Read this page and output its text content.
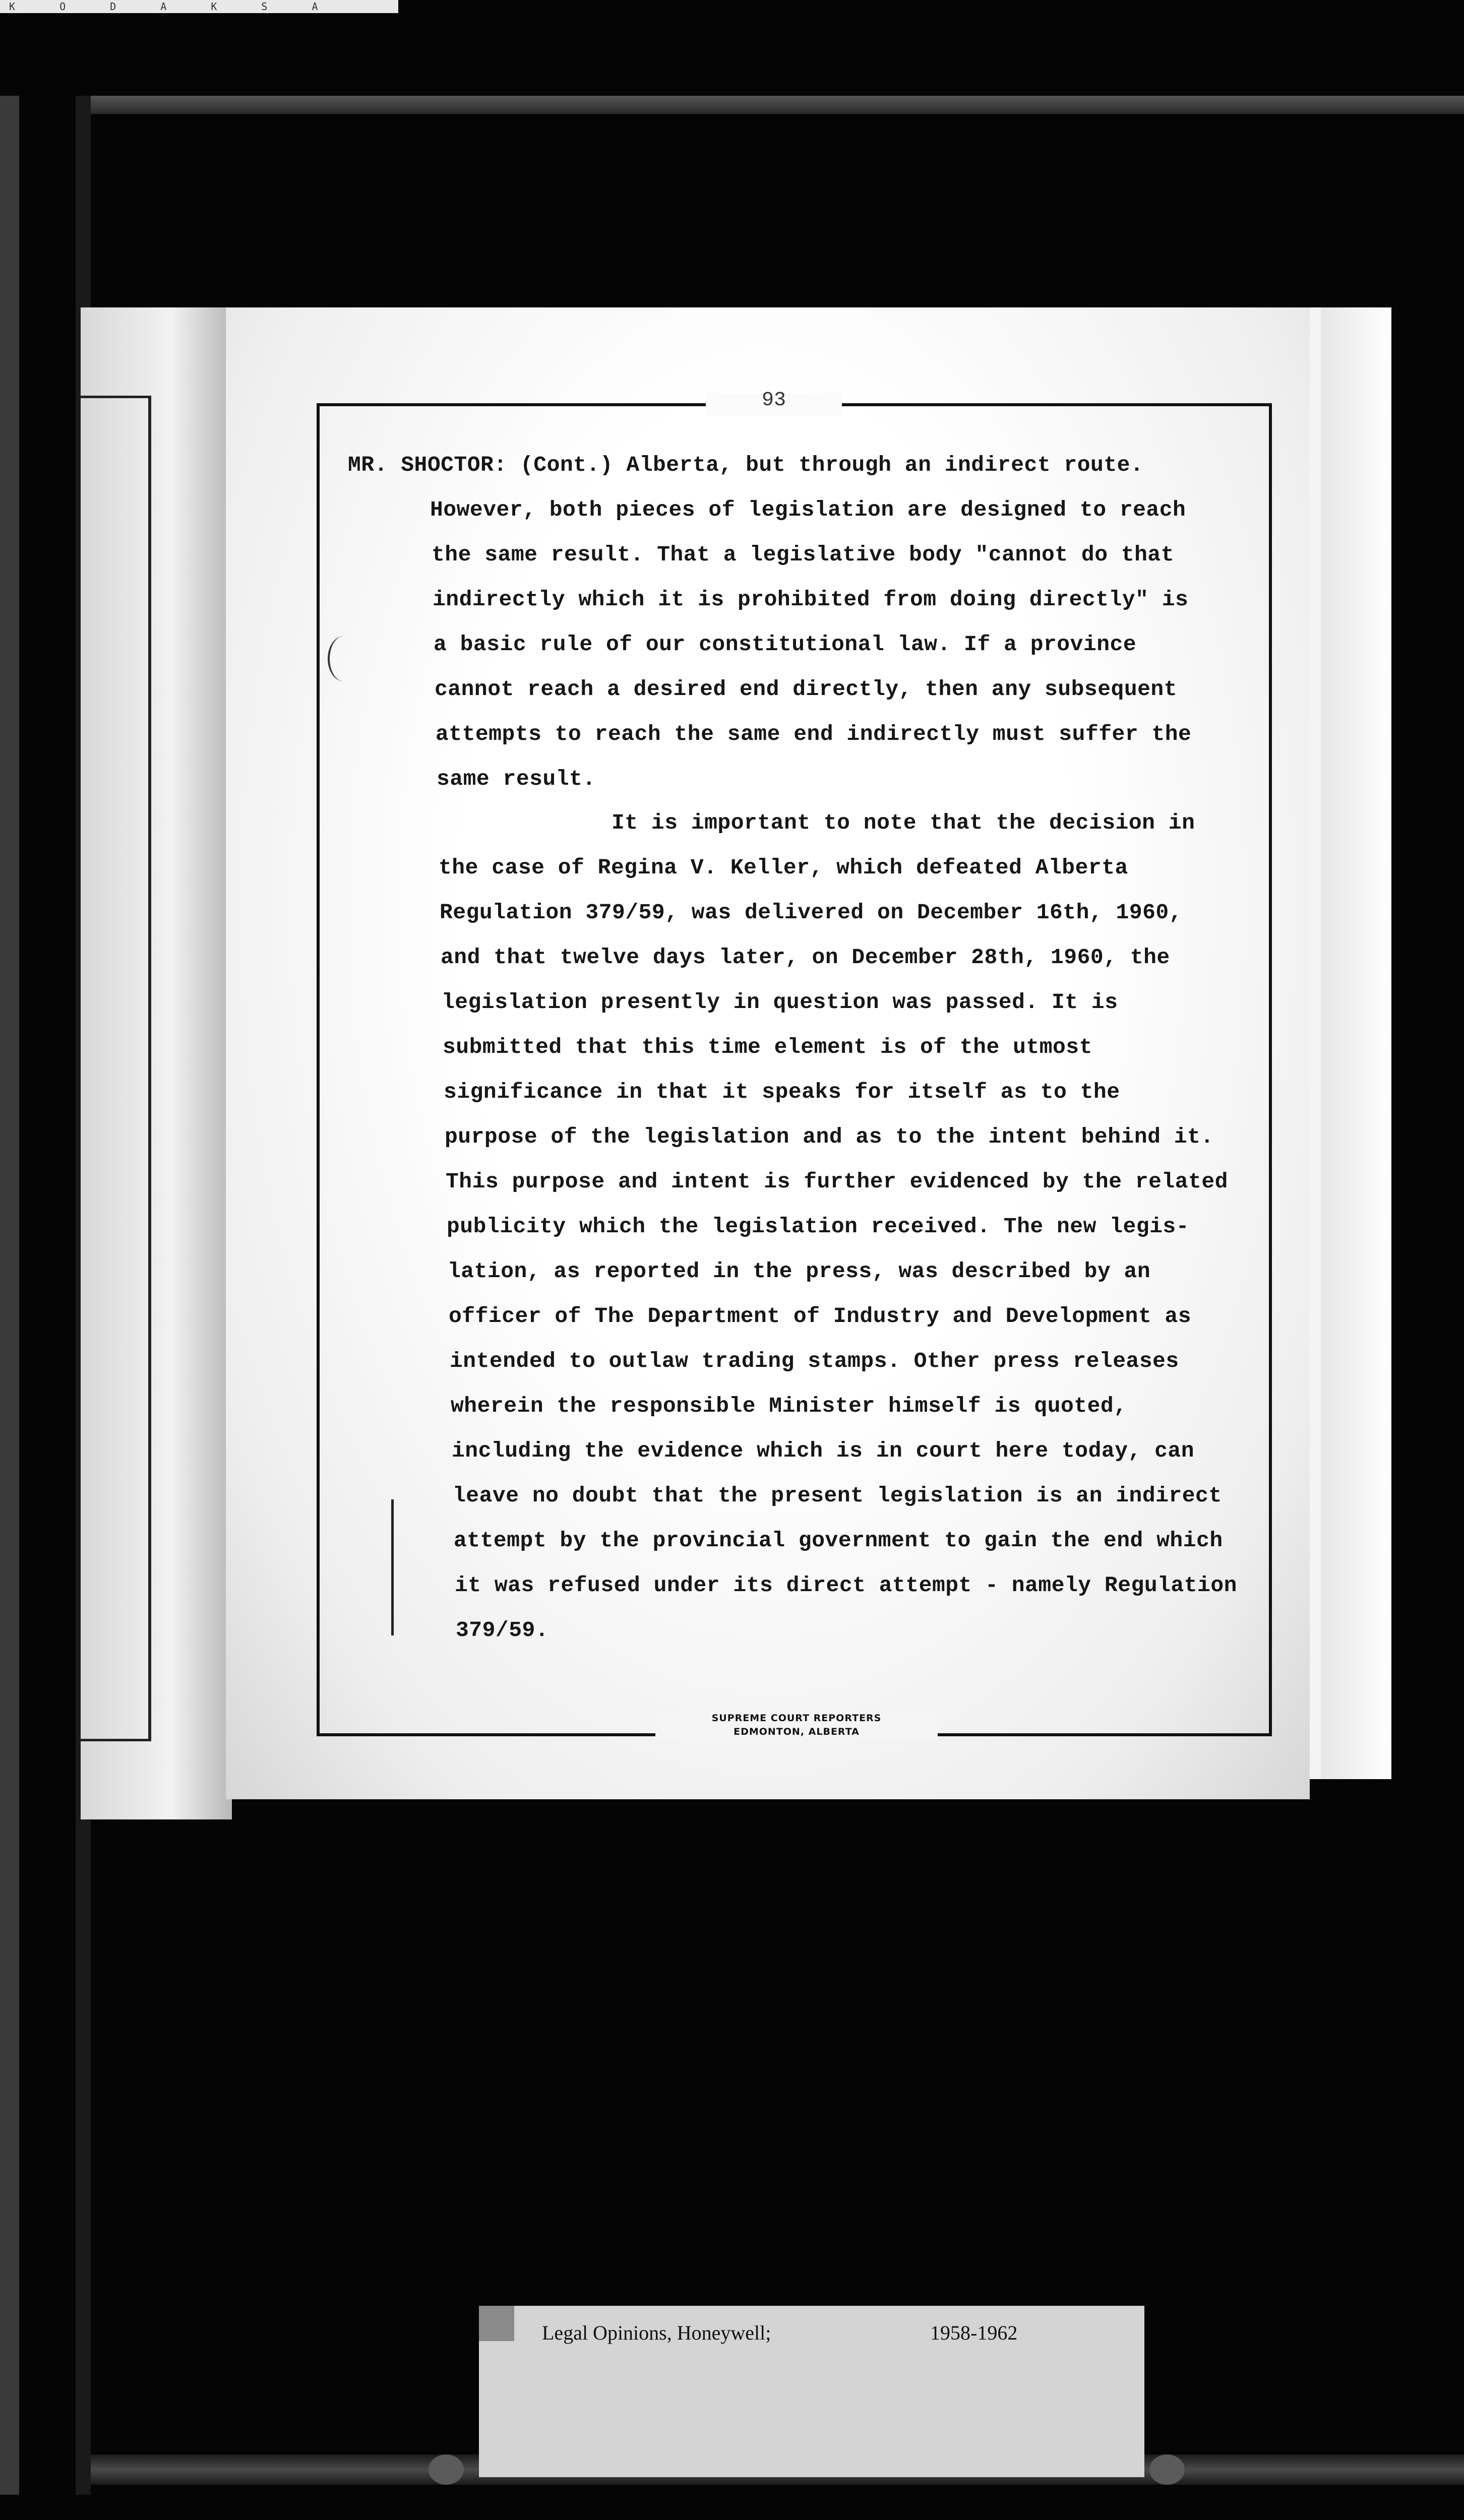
K O D A K S A
93
MR. SHOCTOR: (Cont.) Alberta, but through an indirect route.
However, both pieces of legislation are designed to reach
the same result. That a legislative body "cannot do that
indirectly which it is prohibited from doing directly" is
a basic rule of our constitutional law. If a province
cannot reach a desired end directly, then any subsequent
attempts to reach the same end indirectly must suffer the
same result.
It is important to note that the decision in
the case of Regina V. Keller, which defeated Alberta
Regulation 379/59, was delivered on December 16th, 1960,
and that twelve days later, on December 28th, 1960, the
legislation presently in question was passed. It is
submitted that this time element is of the utmost
significance in that it speaks for itself as to the
purpose of the legislation and as to the intent behind it.
This purpose and intent is further evidenced by the related
publicity which the legislation received. The new legis-
lation, as reported in the press, was described by an
officer of The Department of Industry and Development as
intended to outlaw trading stamps. Other press releases
wherein the responsible Minister himself is quoted,
including the evidence which is in court here today, can
leave no doubt that the present legislation is an indirect
attempt by the provincial government to gain the end which
it was refused under its direct attempt - namely Regulation
379/59.
SUPREME COURT REPORTERS
EDMONTON, ALBERTA
Legal Opinions, Honeywell;	1958-1962
